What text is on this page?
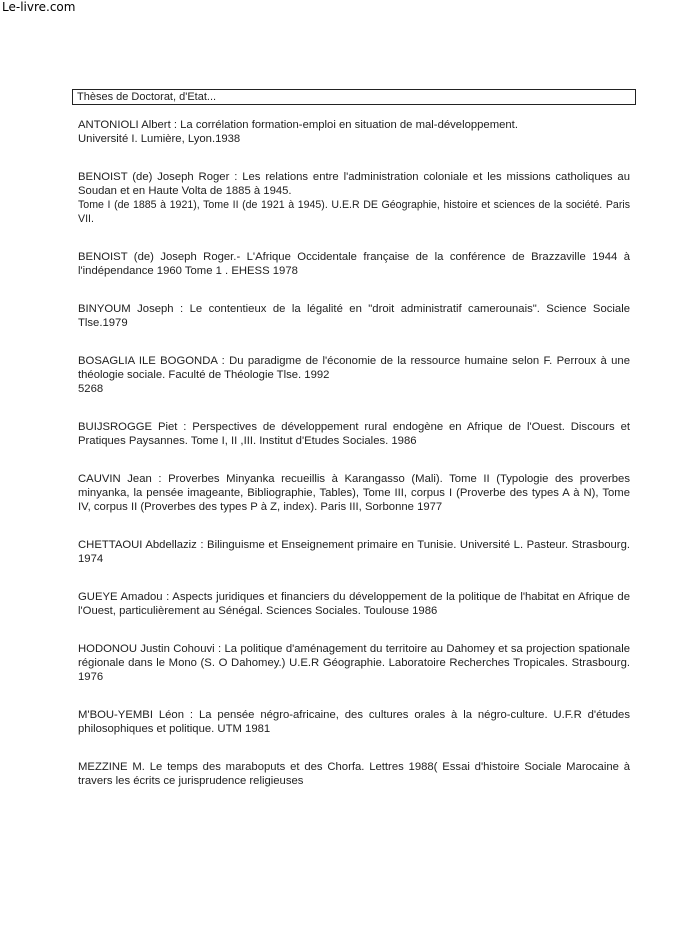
Le-livre.com
Thèses de Doctorat, d'Etat...

ANTONIOLI Albert : La corrélation formation-emploi en situation de mal-développement.

Université I. Lumière, Lyon.1938

BENOIST (de) Joseph Roger : Les relations entre l'administration coloniale et les missions catholiques au Soudan et en Haute Volta de 1885 à 1945.

Tome I (de 1885 à 1921), Tome II (de 1921 à 1945). U.E.R DE Géographie, histoire et sciences de la société. Paris VII.

BENOIST (de) Joseph Roger.- L'Afrique Occidentale française de la conférence de Brazzaville 1944 à l'indépendance 1960 Tome 1 . EHESS 1978

BINYOUM Joseph : Le contentieux de la légalité en "droit administratif camerounais". Science Sociale Tlse.1979

BOSAGLIA ILE BOGONDA : Du paradigme de l'économie de la ressource humaine selon F. Perroux à une théologie sociale. Faculté de Théologie Tlse. 1992

5268

BUIJSROGGE Piet : Perspectives de développement rural endogène en Afrique de l'Ouest. Discours et Pratiques Paysannes. Tome I, II ,III. Institut d'Etudes Sociales. 1986

CAUVIN Jean : Proverbes Minyanka recueillis à Karangasso (Mali). Tome II (Typologie des proverbes minyanka, la pensée imageante, Bibliographie, Tables), Tome III, corpus I (Proverbe des types A à N), Tome IV, corpus II (Proverbes des types P à Z, index). Paris III, Sorbonne 1977

CHETTAOUI Abdellaziz : Bilinguisme et Enseignement primaire en Tunisie. Université L. Pasteur. Strasbourg. 1974

GUEYE Amadou : Aspects juridiques et financiers du développement de la politique de l'habitat en Afrique de l'Ouest, particulièrement au Sénégal. Sciences Sociales. Toulouse 1986

HODONOU Justin Cohouvi : La politique d'aménagement du territoire au Dahomey et sa projection spationale régionale dans le Mono (S. O Dahomey.) U.E.R Géographie. Laboratoire Recherches Tropicales. Strasbourg. 1976

M'BOU-YEMBI Léon : La pensée négro-africaine, des cultures orales à la négro-culture. U.F.R d'études philosophiques et politique. UTM 1981

MEZZINE M. Le temps des maraboputs et des Chorfa. Lettres 1988( Essai d'histoire Sociale Marocaine à travers les écrits ce jurisprudence religieuses
